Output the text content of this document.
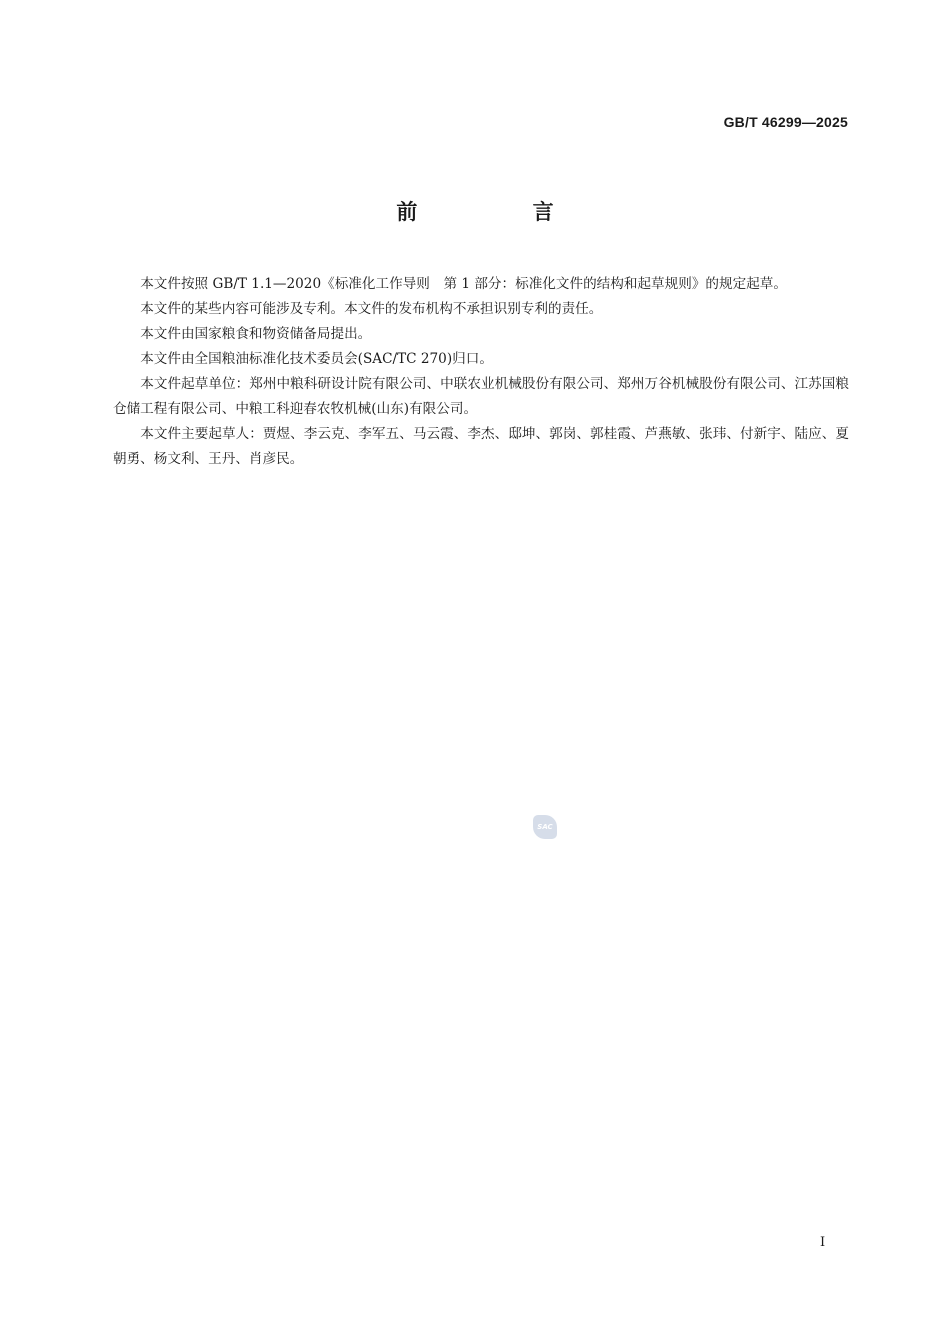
GB/T 46299—2025
前 言

本文件按照 GB/T 1.1—2020《标准化工作导则　第 1 部分：标准化文件的结构和起草规则》的规定起草。

本文件的某些内容可能涉及专利。本文件的发布机构不承担识别专利的责任。

本文件由国家粮食和物资储备局提出。

本文件由全国粮油标准化技术委员会(SAC/TC 270)归口。

本文件起草单位：郑州中粮科研设计院有限公司、中联农业机械股份有限公司、郑州万谷机械股份有限公司、江苏国粮仓储工程有限公司、中粮工科迎春农牧机械(山东)有限公司。

本文件主要起草人：贾煜、李云克、李军五、马云霞、李杰、邸坤、郭岗、郭桂霞、芦燕敏、张玮、付新宇、陆应、夏朝勇、杨文利、王丹、肖彦民。

SAC
I
